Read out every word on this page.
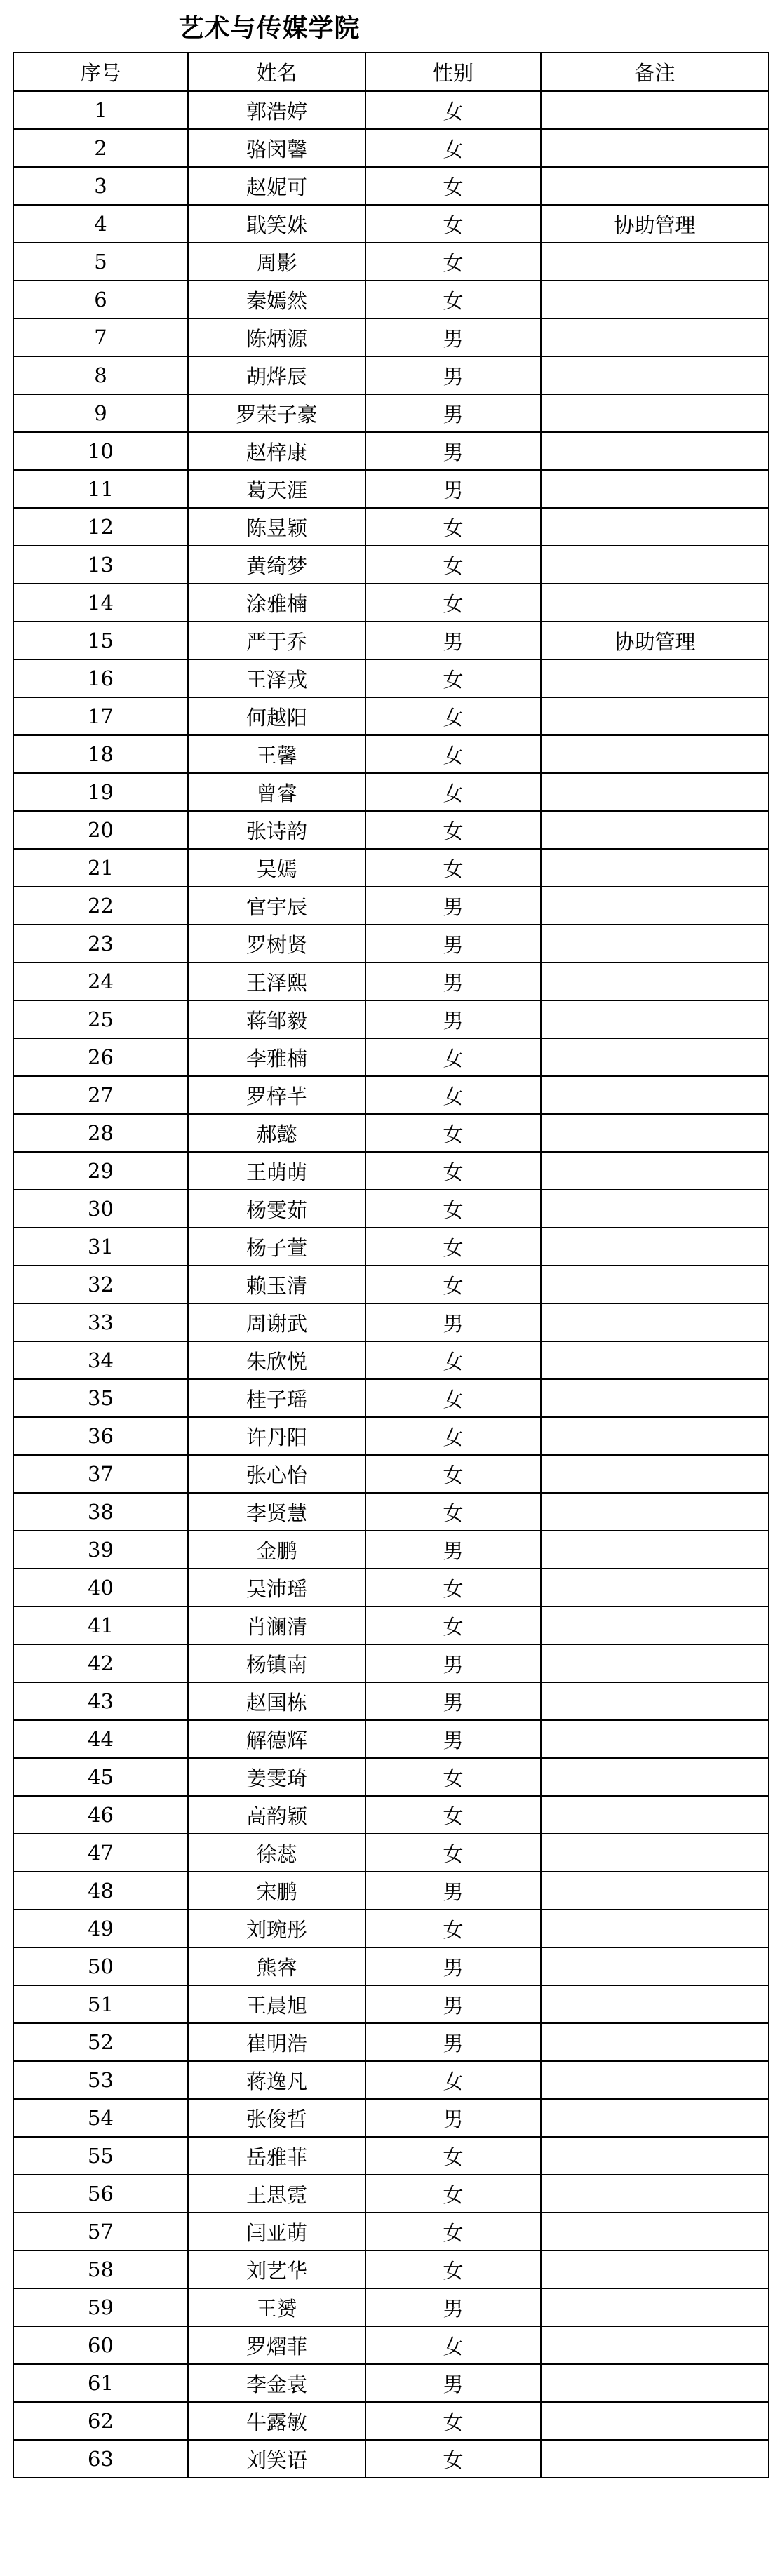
艺术与传媒学院
序号	姓名	性别	备注
1	郭浩婷	女	
2	骆闵馨	女	
3	赵妮可	女	
4	戢笑姝	女	协助管理
5	周影	女	
6	秦嫣然	女	
7	陈炳源	男	
8	胡烨辰	男	
9	罗荣子豪	男	
10	赵梓康	男	
11	葛天涯	男	
12	陈昱颖	女	
13	黄绮梦	女	
14	涂雅楠	女	
15	严于乔	男	协助管理
16	王泽戎	女	
17	何越阳	女	
18	王馨	女	
19	曾睿	女	
20	张诗韵	女	
21	吴嫣	女	
22	官宇辰	男	
23	罗树贤	男	
24	王泽熙	男	
25	蒋邹毅	男	
26	李雅楠	女	
27	罗梓芊	女	
28	郝懿	女	
29	王萌萌	女	
30	杨雯茹	女	
31	杨子萱	女	
32	赖玉清	女	
33	周谢武	男	
34	朱欣悦	女	
35	桂子瑶	女	
36	许丹阳	女	
37	张心怡	女	
38	李贤慧	女	
39	金鹏	男	
40	吴沛瑶	女	
41	肖澜清	女	
42	杨镇南	男	
43	赵国栋	男	
44	解德辉	男	
45	姜雯琦	女	
46	高韵颖	女	
47	徐蕊	女	
48	宋鹏	男	
49	刘琬彤	女	
50	熊睿	男	
51	王晨旭	男	
52	崔明浩	男	
53	蒋逸凡	女	
54	张俊哲	男	
55	岳雅菲	女	
56	王思霓	女	
57	闫亚萌	女	
58	刘艺华	女	
59	王赟	男	
60	罗熠菲	女	
61	李金袁	男	
62	牛露敏	女	
63	刘笑语	女	
